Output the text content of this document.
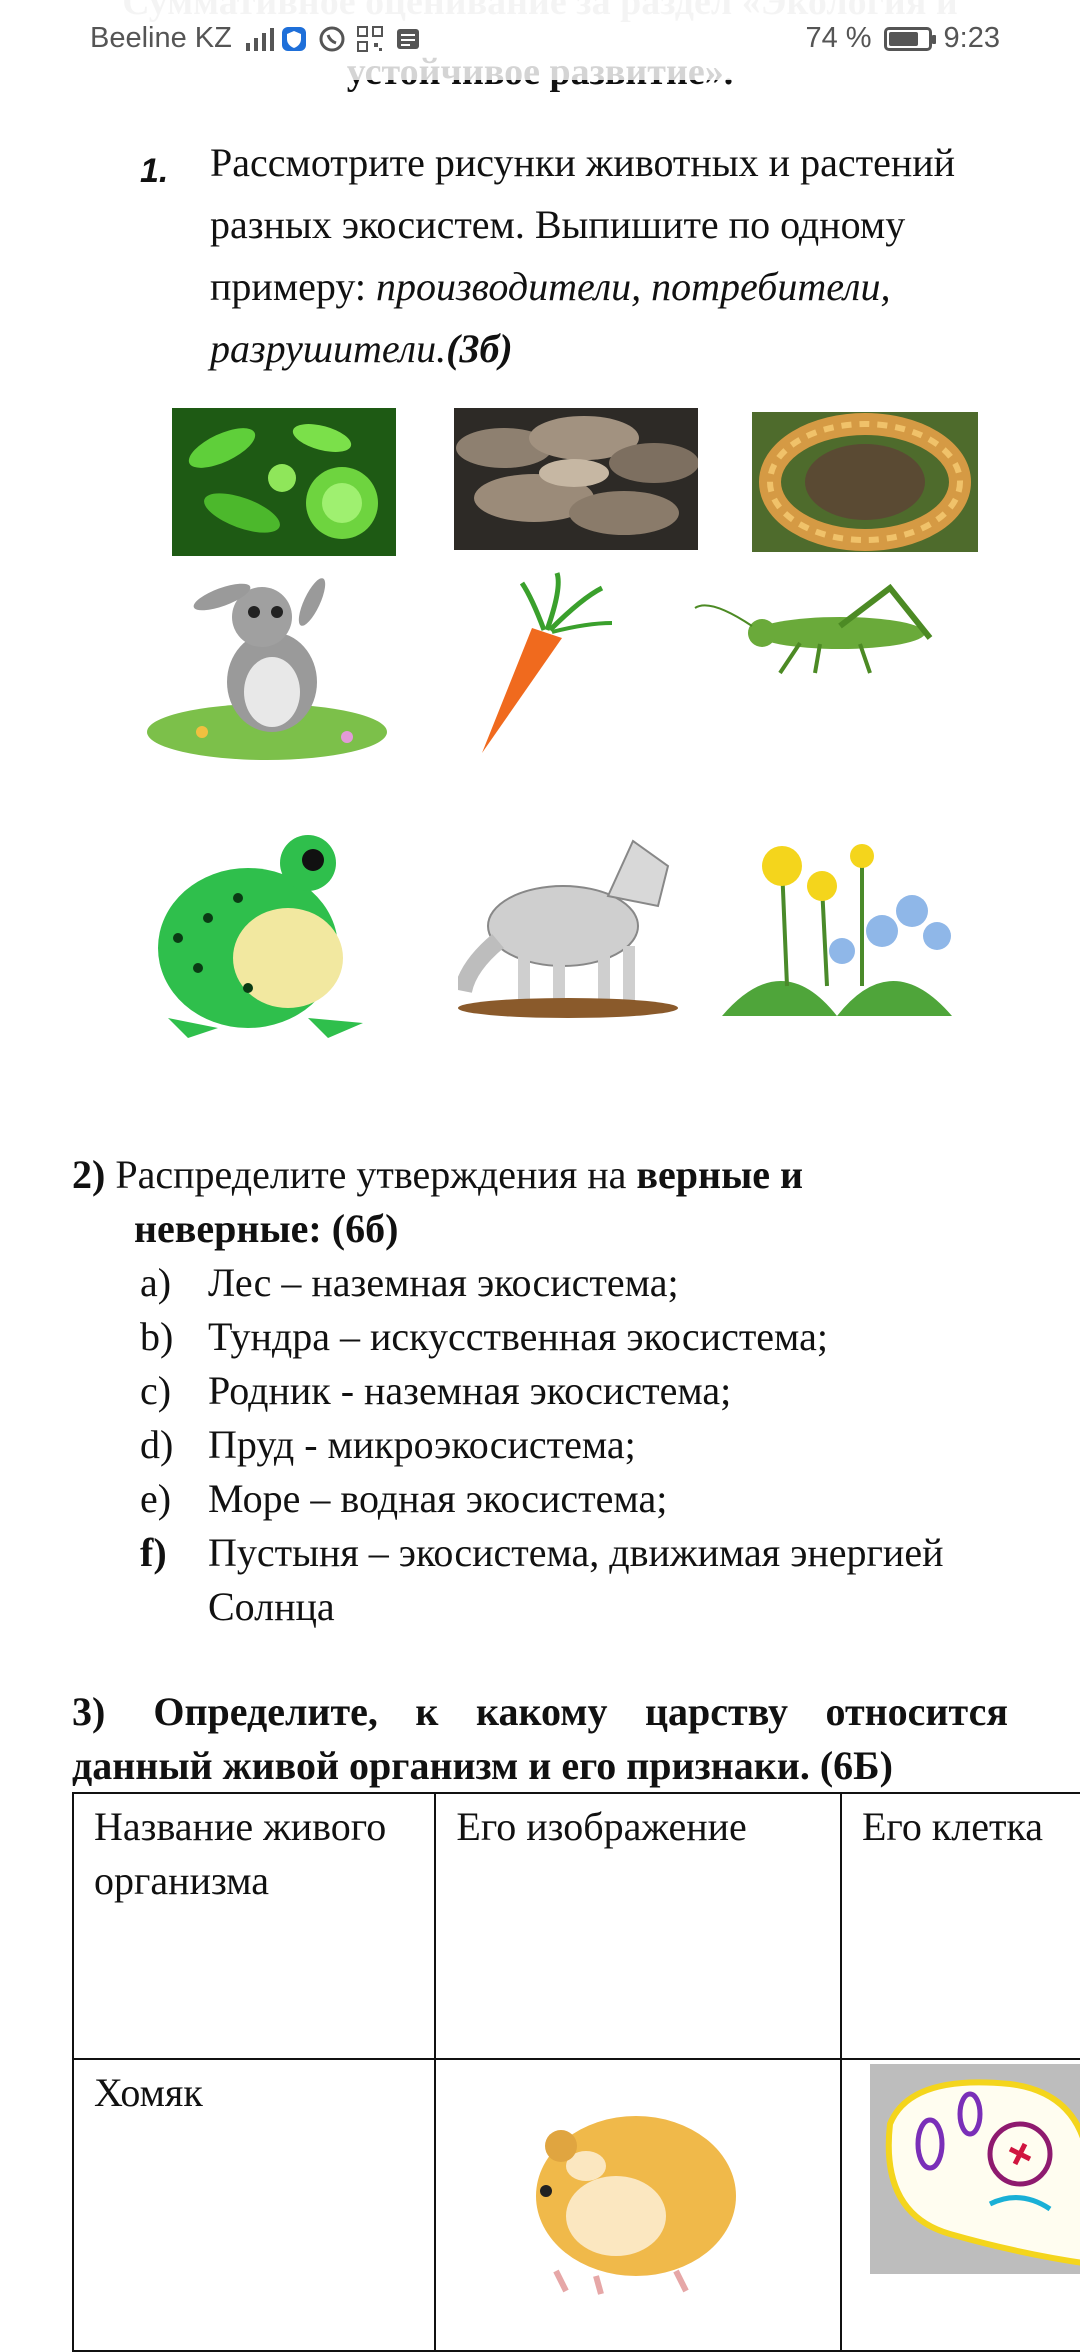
Beeline KZ	74 % 9:23
1. Рассмотрите рисунки животных и растений разных экосистем. Выпишите по одному примеру: производители, потребители, разрушители.(3б)
2) Распределите утверждения на верные и
неверные: (6б)
a) Лес – наземная экосистема;
b) Тундра – искусственная экосистема;
c) Родник - наземная экосистема;
d) Пруд - микроэкосистема;
e) Море – водная экосистема;
f) Пустыня – экосистема, движимая энергией Солнца
3) Определите, к какому царству относится
данный живой организм и его признаки. (6Б)
Название живого организма	Его изображение	Его клетка
Хомяк		
